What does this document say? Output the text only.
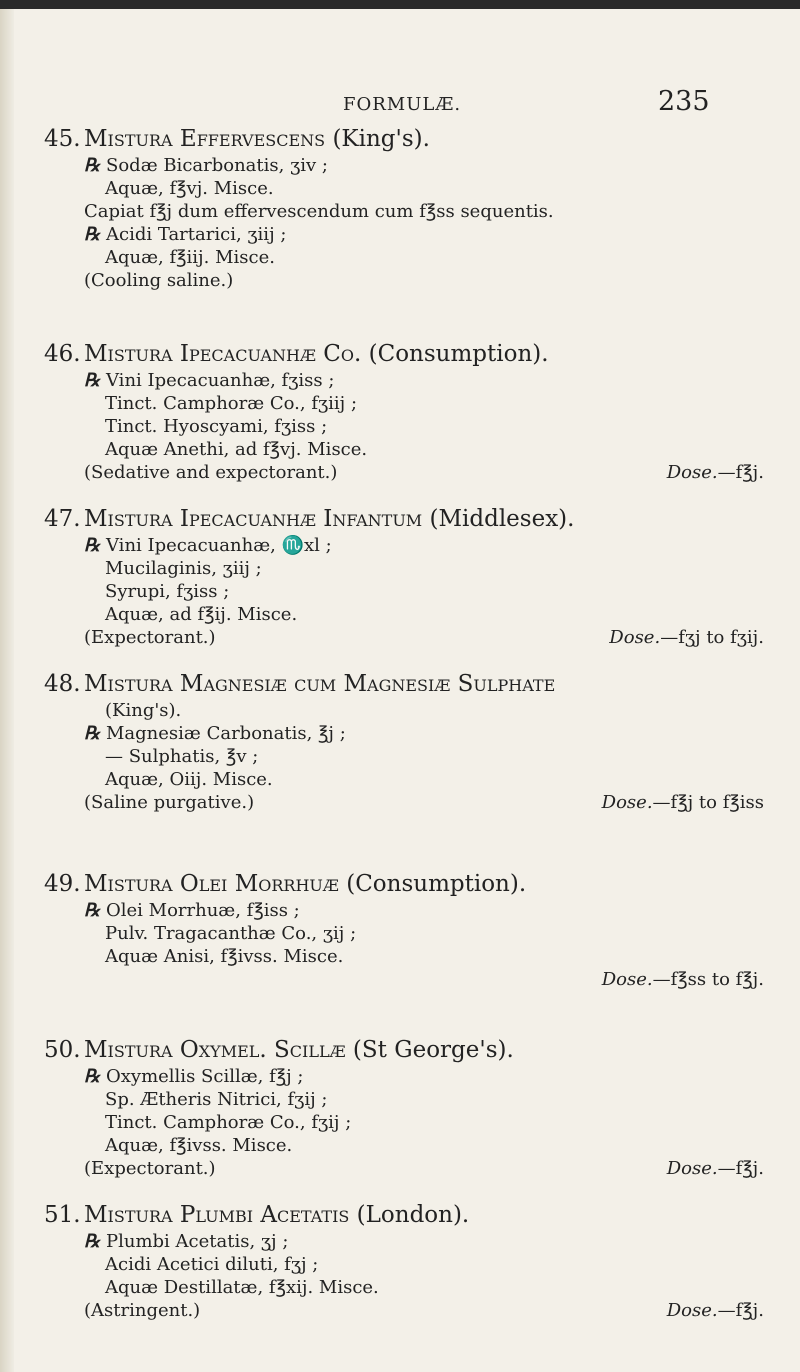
FORMULÆ.	235
45. Mistura Effervescens (King's).
℞ Sodæ Bicarbonatis, ʒiv ;
Aquæ, f℥vj. Misce.
Capiat f℥j dum effervescendum cum f℥ss sequentis.
℞ Acidi Tartarici, ʒiij ;
Aquæ, f℥iij. Misce.
(Cooling saline.)
46. Mistura Ipecacuanhæ Co. (Consumption).
℞ Vini Ipecacuanhæ, fʒiss ;
Tinct. Camphoræ Co., fʒiij ;
Tinct. Hyoscyami, fʒiss ;
Aquæ Anethi, ad f℥vj. Misce.
(Sedative and expectorant.)	Dose.—f℥j.
47. Mistura Ipecacuanhæ Infantum (Middlesex).
℞ Vini Ipecacuanhæ, ♏xl ;
Mucilaginis, ʒiij ;
Syrupi, fʒiss ;
Aquæ, ad f℥ij. Misce.
(Expectorant.)	Dose.—fʒj to fʒij.
48. Mistura Magnesiæ cum Magnesiæ Sulphate
(King's).
℞ Magnesiæ Carbonatis, ℥j ;
— Sulphatis, ℥v ;
Aquæ, Oiij. Misce.
(Saline purgative.)	Dose.—f℥j to f℥iss
49. Mistura Olei Morrhuæ (Consumption).
℞ Olei Morrhuæ, f℥iss ;
Pulv. Tragacanthæ Co., ʒij ;
Aquæ Anisi, f℥ivss. Misce.
Dose.—f℥ss to f℥j.
50. Mistura Oxymel. Scillæ (St George's).
℞ Oxymellis Scillæ, f℥j ;
Sp. Ætheris Nitrici, fʒij ;
Tinct. Camphoræ Co., fʒij ;
Aquæ, f℥ivss. Misce.
(Expectorant.)	Dose.—f℥j.
51. Mistura Plumbi Acetatis (London).
℞ Plumbi Acetatis, ʒj ;
Acidi Acetici diluti, fʒj ;
Aquæ Destillatæ, f℥xij. Misce.
(Astringent.)	Dose.—f℥j.
